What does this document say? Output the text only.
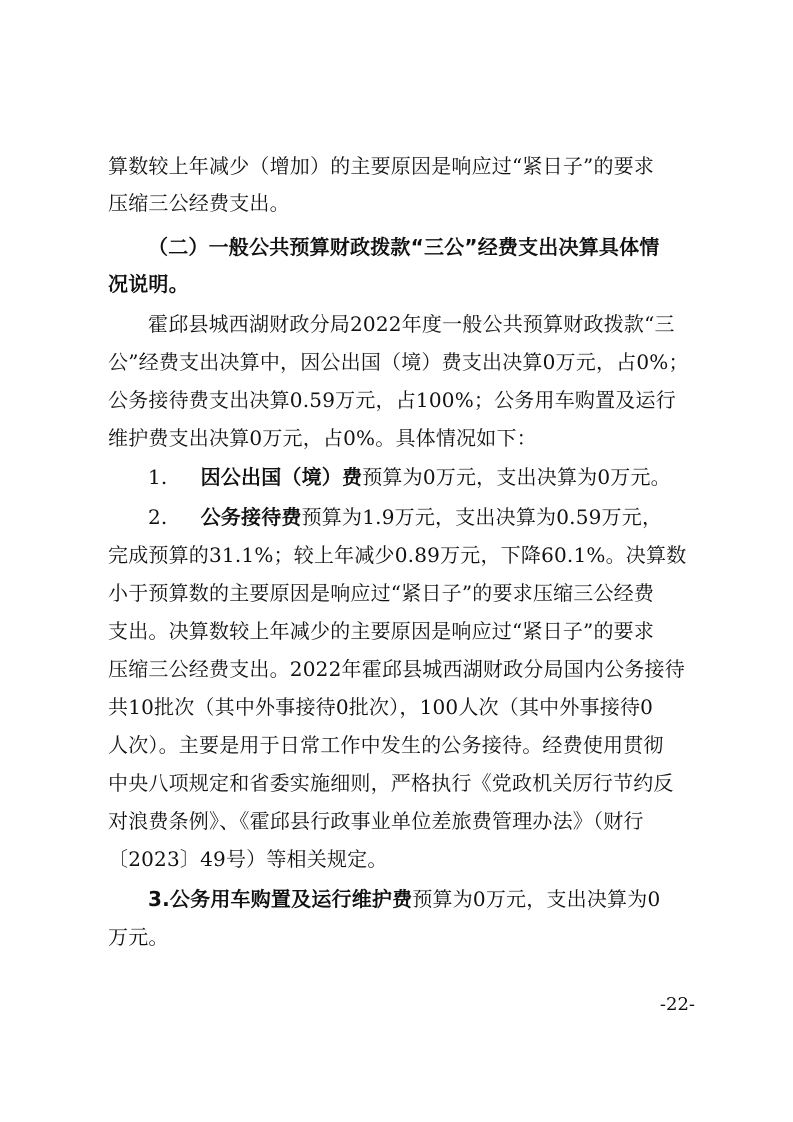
算数较上年减少（增加）的主要原因是响应过“紧日子”的要求
压缩三公经费支出。
（二）一般公共预算财政拨款“三公”经费支出决算具体情
况说明。
霍邱县城西湖财政分局2022年度一般公共预算财政拨款“三
公”经费支出决算中，因公出国（境）费支出决算0万元，占0%；
公务接待费支出决算0.59万元，占100%；公务用车购置及运行
维护费支出决算0万元，占0%。具体情况如下：
1. 因公出国（境）费预算为0万元，支出决算为0万元。
2. 公务接待费预算为1.9万元，支出决算为0.59万元，
完成预算的31.1%；较上年减少0.89万元，下降60.1%。决算数
小于预算数的主要原因是响应过“紧日子”的要求压缩三公经费
支出。决算数较上年减少的主要原因是响应过“紧日子”的要求
压缩三公经费支出。2022年霍邱县城西湖财政分局国内公务接待
共10批次（其中外事接待0批次），100人次（其中外事接待0
人次）。主要是用于日常工作中发生的公务接待。经费使用贯彻
中央八项规定和省委实施细则，严格执行《党政机关厉行节约反
对浪费条例》、《霍邱县行政事业单位差旅费管理办法》（财行
〔2023〕49号）等相关规定。
3.公务用车购置及运行维护费预算为0万元，支出决算为0
万元。
-22-
